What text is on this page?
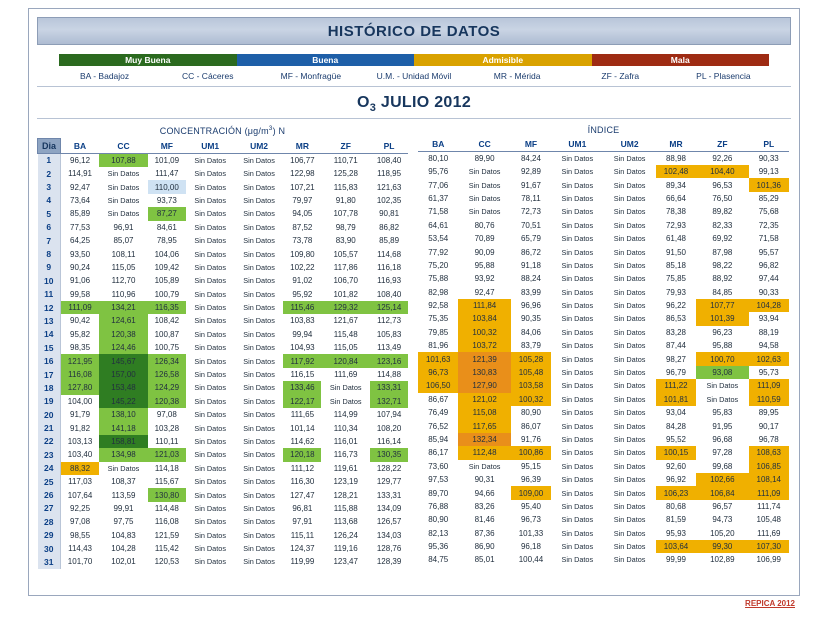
HISTÓRICO DE DATOS
Muy Buena	Buena	Admisible	Mala
BA - Badajoz	CC - Cáceres	MF - Monfragüe	U.M. - Unidad Móvil	MR - Mérida	ZF - Zafra	PL - Plasencia
$O_3$ JULIO 2012
CONCENTRACIÓN $(\mu g/m^3)$ N
Dia	BA	CC	MF	UM1	UM2	MR	ZF	PL
1	96,12	107,88	101,09	Sin Datos	Sin Datos	106,77	110,71	108,40
2	114,91	Sin Datos	111,47	Sin Datos	Sin Datos	122,98	125,28	118,95
3	92,47	Sin Datos	110,00	Sin Datos	Sin Datos	107,21	115,83	121,63
4	73,64	Sin Datos	93,73	Sin Datos	Sin Datos	79,97	91,80	102,35
5	85,89	Sin Datos	87,27	Sin Datos	Sin Datos	94,05	107,78	90,81
6	77,53	96,91	84,61	Sin Datos	Sin Datos	87,52	98,79	86,82
7	64,25	85,07	78,95	Sin Datos	Sin Datos	73,78	83,90	85,89
8	93,50	108,11	104,06	Sin Datos	Sin Datos	109,80	105,57	114,68
9	90,24	115,05	109,42	Sin Datos	Sin Datos	102,22	117,86	116,18
10	91,06	112,70	105,89	Sin Datos	Sin Datos	91,02	106,70	116,93
11	99,58	110,96	100,79	Sin Datos	Sin Datos	95,92	101,82	108,40
12	111,09	134,21	116,35	Sin Datos	Sin Datos	115,46	129,32	125,14
13	90,42	124,61	108,42	Sin Datos	Sin Datos	103,83	121,67	112,73
14	95,82	120,38	100,87	Sin Datos	Sin Datos	99,94	115,48	105,83
15	98,35	124,46	100,75	Sin Datos	Sin Datos	104,93	115,05	113,49
16	121,95	145,67	126,34	Sin Datos	Sin Datos	117,92	120,84	123,16
17	116,08	157,00	126,58	Sin Datos	Sin Datos	116,15	111,69	114,88
18	127,80	153,48	124,29	Sin Datos	Sin Datos	133,46	Sin Datos	133,31
19	104,00	145,22	120,38	Sin Datos	Sin Datos	122,17	Sin Datos	132,71
20	91,79	138,10	97,08	Sin Datos	Sin Datos	111,65	114,99	107,94
21	91,82	141,18	103,28	Sin Datos	Sin Datos	101,14	110,34	108,20
22	103,13	158,81	110,11	Sin Datos	Sin Datos	114,62	116,01	116,14
23	103,40	134,98	121,03	Sin Datos	Sin Datos	120,18	116,73	130,35
24	88,32	Sin Datos	114,18	Sin Datos	Sin Datos	111,12	119,61	128,22
25	117,03	108,37	115,67	Sin Datos	Sin Datos	116,30	123,19	129,77
26	107,64	113,59	130,80	Sin Datos	Sin Datos	127,47	128,21	133,31
27	92,25	99,91	114,48	Sin Datos	Sin Datos	96,81	115,88	134,09
28	97,08	97,75	116,08	Sin Datos	Sin Datos	97,91	113,68	126,57
29	98,55	104,83	121,59	Sin Datos	Sin Datos	115,11	126,24	134,03
30	114,43	104,28	115,42	Sin Datos	Sin Datos	124,37	119,16	128,76
31	101,70	102,01	120,53	Sin Datos	Sin Datos	119,99	123,47	128,39
ÍNDICE
BA	CC	MF	UM1	UM2	MR	ZF	PL
80,10	89,90	84,24	Sin Datos	Sin Datos	88,98	92,26	90,33
95,76	Sin Datos	92,89	Sin Datos	Sin Datos	102,48	104,40	99,13
77,06	Sin Datos	91,67	Sin Datos	Sin Datos	89,34	96,53	101,36
61,37	Sin Datos	78,11	Sin Datos	Sin Datos	66,64	76,50	85,29
71,58	Sin Datos	72,73	Sin Datos	Sin Datos	78,38	89,82	75,68
64,61	80,76	70,51	Sin Datos	Sin Datos	72,93	82,33	72,35
53,54	70,89	65,79	Sin Datos	Sin Datos	61,48	69,92	71,58
77,92	90,09	86,72	Sin Datos	Sin Datos	91,50	87,98	95,57
75,20	95,88	91,18	Sin Datos	Sin Datos	85,18	98,22	96,82
75,88	93,92	88,24	Sin Datos	Sin Datos	75,85	88,92	97,44
82,98	92,47	83,99	Sin Datos	Sin Datos	79,93	84,85	90,33
92,58	111,84	96,96	Sin Datos	Sin Datos	96,22	107,77	104,28
75,35	103,84	90,35	Sin Datos	Sin Datos	86,53	101,39	93,94
79,85	100,32	84,06	Sin Datos	Sin Datos	83,28	96,23	88,19
81,96	103,72	83,79	Sin Datos	Sin Datos	87,44	95,88	94,58
101,63	121,39	105,28	Sin Datos	Sin Datos	98,27	100,70	102,63
96,73	130,83	105,48	Sin Datos	Sin Datos	96,79	93,08	95,73
106,50	127,90	103,58	Sin Datos	Sin Datos	111,22	Sin Datos	111,09
86,67	121,02	100,32	Sin Datos	Sin Datos	101,81	Sin Datos	110,59
76,49	115,08	80,90	Sin Datos	Sin Datos	93,04	95,83	89,95
76,52	117,65	86,07	Sin Datos	Sin Datos	84,28	91,95	90,17
85,94	132,34	91,76	Sin Datos	Sin Datos	95,52	96,68	96,78
86,17	112,48	100,86	Sin Datos	Sin Datos	100,15	97,28	108,63
73,60	Sin Datos	95,15	Sin Datos	Sin Datos	92,60	99,68	106,85
97,53	90,31	96,39	Sin Datos	Sin Datos	96,92	102,66	108,14
89,70	94,66	109,00	Sin Datos	Sin Datos	106,23	106,84	111,09
76,88	83,26	95,40	Sin Datos	Sin Datos	80,68	96,57	111,74
80,90	81,46	96,73	Sin Datos	Sin Datos	81,59	94,73	105,48
82,13	87,36	101,33	Sin Datos	Sin Datos	95,93	105,20	111,69
95,36	86,90	96,18	Sin Datos	Sin Datos	103,64	99,30	107,30
84,75	85,01	100,44	Sin Datos	Sin Datos	99,99	102,89	106,99
REPICA 2012
